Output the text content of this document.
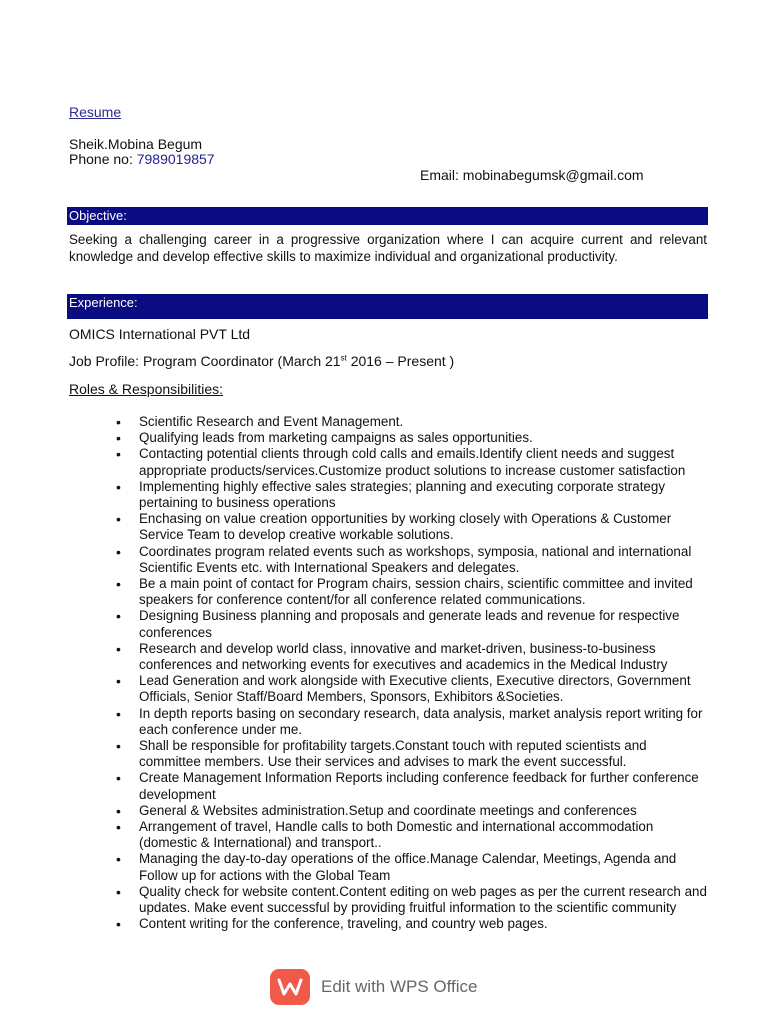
Resume
Sheik.Mobina Begum
Phone no: 7989019857
Email: mobinabegumsk@gmail.com
Objective:
Seeking a challenging career in a progressive organization where I can acquire current and relevant knowledge and develop effective skills to maximize individual and organizational productivity.
Experience:
OMICS International PVT Ltd
Job Profile: Program Coordinator (March 21st 2016 – Present )
Roles & Responsibilities:
• Scientific Research and Event Management.
• Qualifying leads from marketing campaigns as sales opportunities.
• Contacting potential clients through cold calls and emails.Identify client needs and suggest appropriate products/services.Customize product solutions to increase customer satisfaction
• Implementing highly effective sales strategies; planning and executing corporate strategy pertaining to business operations
• Enchasing on value creation opportunities by working closely with Operations & Customer Service Team to develop creative workable solutions.
• Coordinates program related events such as workshops, symposia, national and international Scientific Events etc. with International Speakers and delegates.
• Be a main point of contact for Program chairs, session chairs, scientific committee and invited speakers for conference content/for all conference related communications.
• Designing Business planning and proposals and generate leads and revenue for respective conferences
• Research and develop world class, innovative and market-driven, business-to-business conferences and networking events for executives and academics in the Medical Industry
• Lead Generation and work alongside with Executive clients, Executive directors, Government Officials, Senior Staff/Board Members, Sponsors, Exhibitors &Societies.
• In depth reports basing on secondary research, data analysis, market analysis report writing for each conference under me.
• Shall be responsible for profitability targets.Constant touch with reputed scientists and committee members. Use their services and advises to mark the event successful.
• Create Management Information Reports including conference feedback for further conference development
• General & Websites administration.Setup and coordinate meetings and conferences
• Arrangement of travel, Handle calls to both Domestic and international accommodation (domestic & International) and transport..
• Managing the day-to-day operations of the office.Manage Calendar, Meetings, Agenda and Follow up for actions with the Global Team
• Quality check for website content.Content editing on web pages as per the current research and updates. Make event successful by providing fruitful information to the scientific community
• Content writing for the conference, traveling, and country web pages.
Edit with WPS Office
